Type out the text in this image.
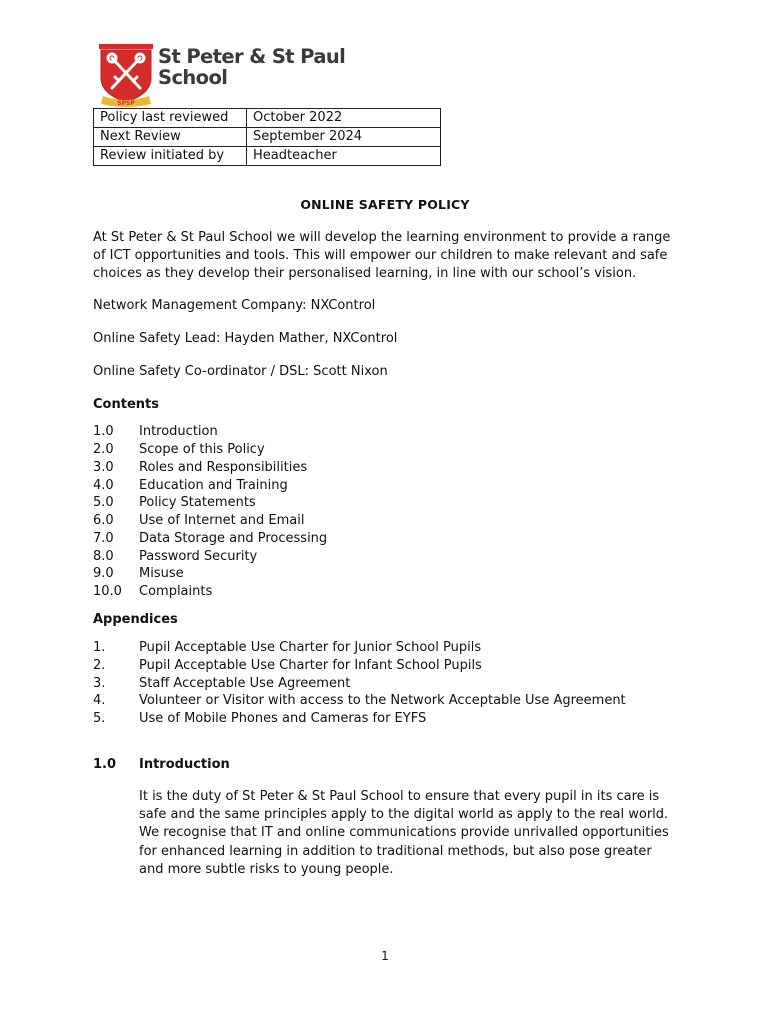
SPSP
St Peter & St Paul
School
Policy last reviewed	October 2022
Next Review	September 2024
Review initiated by	Headteacher
ONLINE SAFETY POLICY
At St Peter & St Paul School we will develop the learning environment to provide a range of ICT opportunities and tools. This will empower our children to make relevant and safe choices as they develop their personalised learning, in line with our school’s vision.
Network Management Company: NXControl
Online Safety Lead: Hayden Mather, NXControl
Online Safety Co-ordinator / DSL: Scott Nixon
Contents
1.0 Introduction
2.0 Scope of this Policy
3.0 Roles and Responsibilities
4.0 Education and Training
5.0 Policy Statements
6.0 Use of Internet and Email
7.0 Data Storage and Processing
8.0 Password Security
9.0 Misuse
10.0 Complaints
Appendices
1.	Pupil Acceptable Use Charter for Junior School Pupils
2.	Pupil Acceptable Use Charter for Infant School Pupils
3.	Staff Acceptable Use Agreement
4.	Volunteer or Visitor with access to the Network Acceptable Use Agreement
5.	Use of Mobile Phones and Cameras for EYFS
1.0 Introduction
It is the duty of St Peter & St Paul School to ensure that every pupil in its care is safe and the same principles apply to the digital world as apply to the real world. We recognise that IT and online communications provide unrivalled opportunities for enhanced learning in addition to traditional methods, but also pose greater and more subtle risks to young people.
1
